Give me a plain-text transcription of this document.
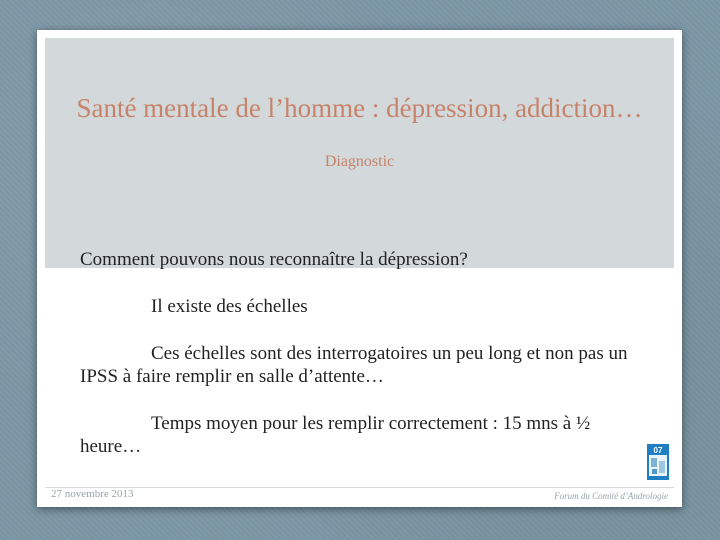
Santé mentale de l’homme : dépression, addiction…
Diagnostic

Comment pouvons nous reconnaître la dépression?

Il existe des échelles

Ces échelles sont des interrogatoires un peu long et non pas un IPSS à faire remplir en salle d’attente…

Temps moyen pour les remplir correctement : 15 mns à ½ heure…	07
27 novembre 2013	Forum du Comité d’Andrologie
